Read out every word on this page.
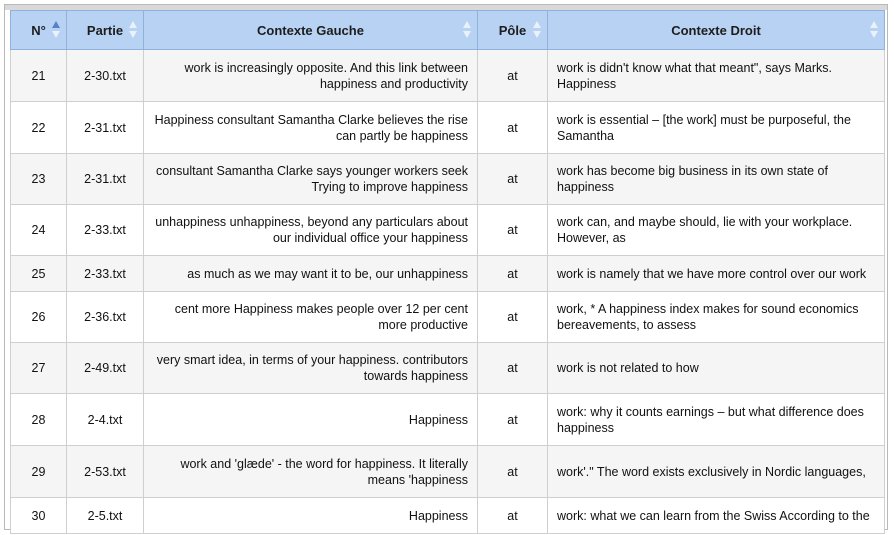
N°	Partie	Contexte Gauche	Pôle	Contexte Droit

21	2-30.txt	work is increasingly opposite. And this link between happiness and productivity	at	work is didn't know what that meant", says Marks. Happiness
22	2-31.txt	Happiness consultant Samantha Clarke believes the rise can partly be happiness	at	work is essential – [the work] must be purposeful, the Samantha
23	2-31.txt	consultant Samantha Clarke says younger workers seek Trying to improve happiness	at	work has become big business in its own state of happiness
24	2-33.txt	unhappiness unhappiness, beyond any particulars about our individual office your happiness	at	work can, and maybe should, lie with your workplace. However, as
25	2-33.txt	as much as we may want it to be, our unhappiness	at	work is namely that we have more control over our work
26	2-36.txt	cent more Happiness makes people over 12 per cent more productive	at	work, * A happiness index makes for sound economics bereavements, to assess
27	2-49.txt	very smart idea, in terms of your happiness. contributors towards happiness	at	work is not related to how
28	2-4.txt	Happiness	at	work: why it counts earnings – but what difference does happiness
29	2-53.txt	work and 'glæde' - the word for happiness. It literally means 'happiness	at	work'." The word exists exclusively in Nordic languages,
30	2-5.txt	Happiness	at	work: what we can learn from the Swiss According to the
